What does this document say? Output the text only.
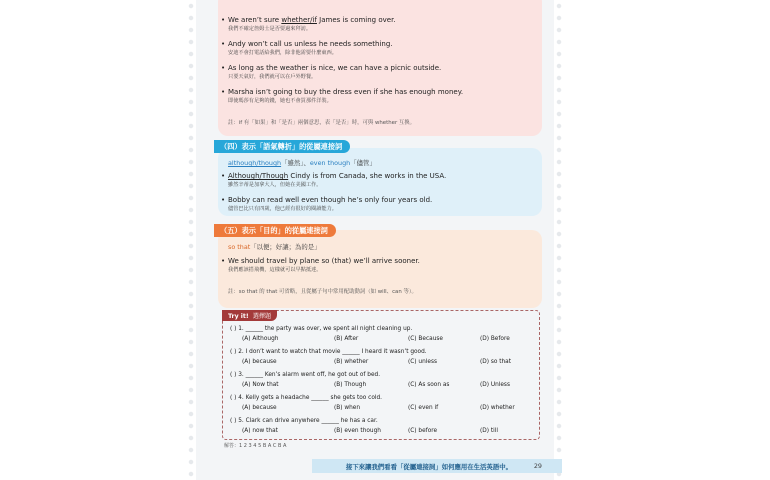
• We aren’t sure whether/if James is coming over.
我們不確定詹姆士是否要過來拜訪。
• Andy won’t call us unless he needs something.
安迪不會打電話給我們，除非他需要什麼東西。
• As long as the weather is nice, we can have a picnic outside.
只要天氣好，我們就可以在戶外野餐。
• Marsha isn’t going to buy the dress even if she has enough money.
即使瑪莎有足夠的錢，她也不會買那件洋裝。
註：if 有「如果」和「是否」兩個意思，表「是否」時，可與 whether 互換。
（四）表示「語氣轉折」的從屬連接詞
although/though「雖然」、even though「儘管」
• Although/Though Cindy is from Canada, she works in the USA.
雖然辛蒂是加拿大人，但她在美國工作。
• Bobby can read well even though he’s only four years old.
儘管巴比只有四歲，他已經有很好的閱讀能力。
（五）表示「目的」的從屬連接詞
so that「以便；好讓；為的是」
• We should travel by plane so (that) we’ll arrive sooner.
我們應該搭飛機，這樣就可以早點抵達。
註：so that 的 that 可省略，且從屬子句中常用配助動詞（如 will、can 等）。
Try it! 選擇題
( ) 1. ______ the party was over, we spent all night cleaning up.
(A) Although	(B) After	(C) Because	(D) Before
( ) 2. I don’t want to watch that movie ______ I heard it wasn’t good.
(A) because	(B) whether	(C) unless	(D) so that
( ) 3. ______ Ken’s alarm went off, he got out of bed.
(A) Now that	(B) Though	(C) As soon as	(D) Unless
( ) 4. Kelly gets a headache ______ she gets too cold.
(A) because	(B) when	(C) even if	(D) whether
( ) 5. Clark can drive anywhere ______ he has a car.
(A) now that	(B) even though	(C) before	(D) till
解答：1 2 3 4 5 B A C B A
接下來讓我們看看「從屬連接詞」如何應用在生活英語中。	29
